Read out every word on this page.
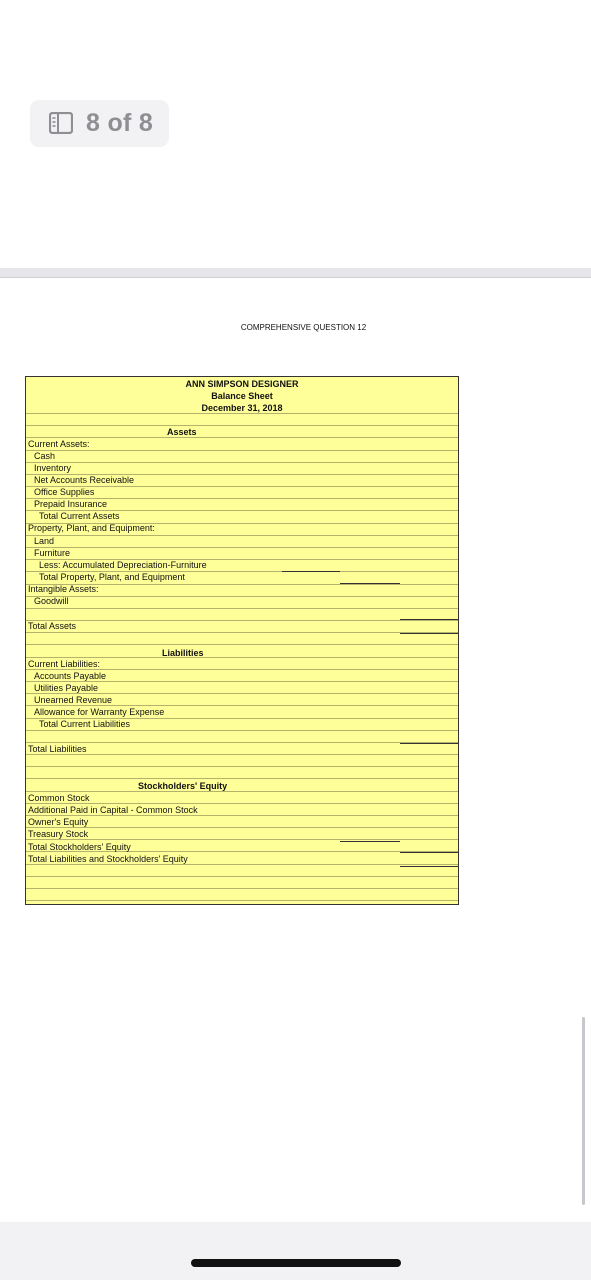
8 of 8
COMPREHENSIVE QUESTION 12
ANN SIMPSON DESIGNER
Balance Sheet
December 31, 2018
Assets
Current Assets:
Cash
Inventory
Net Accounts Receivable
Office Supplies
Prepaid Insurance
Total Current Assets
Property, Plant, and Equipment:
Land
Furniture
Less: Accumulated Depreciation-Furniture
Total Property, Plant, and Equipment
Intangible Assets:
Goodwill
Total Assets
Liabilities
Current Liabilities:
Accounts Payable
Utilities Payable
Unearned Revenue
Allowance for Warranty Expense
Total Current Liabilities
Total Liabilities
Stockholders' Equity
Common Stock
Additional Paid in Capital - Common Stock
Owner's Equity
Treasury Stock
Total Stockholders' Equity
Total Liabilities and Stockholders' Equity
